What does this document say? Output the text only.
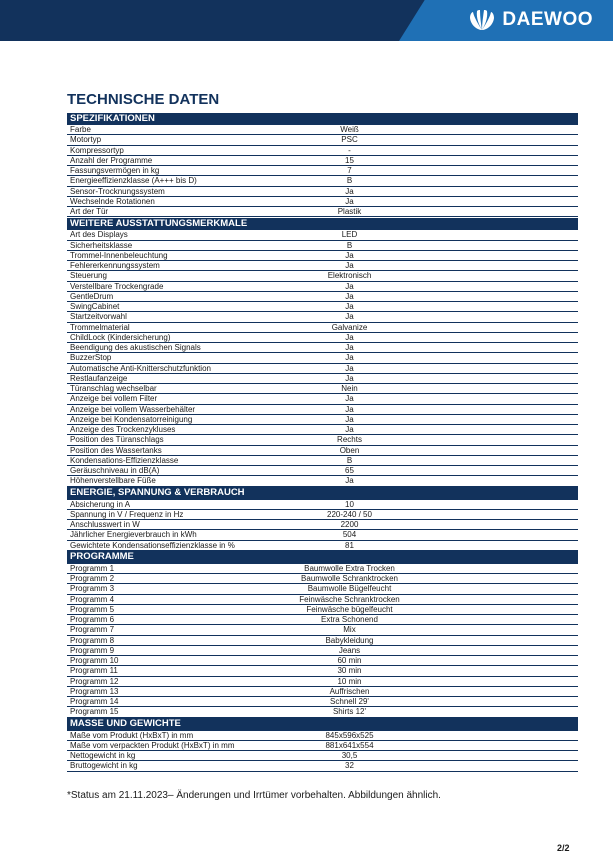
DAEWOO
TECHNISCHE DATEN
SPEZIFIKATIONEN
Farbe	Weiß
Motortyp	PSC
Kompressortyp	-
Anzahl der Programme	15
Fassungsvermögen in kg	7
Energieeffizienzklasse (A+++ bis D)	B
Sensor-Trocknungssystem	Ja
Wechselnde Rotationen	Ja
Art der Tür	Plastik
WEITERE AUSSTATTUNGSMERKMALE
Art des Displays	LED
Sicherheitsklasse	B
Trommel-Innenbeleuchtung	Ja
Fehlererkennungssystem	Ja
Steuerung	Elektronisch
Verstellbare Trockengrade	Ja
GentleDrum	Ja
SwingCabinet	Ja
Startzeitvorwahl	Ja
Trommelmaterial	Galvanize
ChildLock (Kindersicherung)	Ja
Beendigung des akustischen Signals	Ja
BuzzerStop	Ja
Automatische Anti-Knitterschutzfunktion	Ja
Restlaufanzeige	Ja
Türanschlag wechselbar	Nein
Anzeige bei vollem Filter	Ja
Anzeige bei vollem Wasserbehälter	Ja
Anzeige bei Kondensatorreinigung	Ja
Anzeige des Trockenzykluses	Ja
Position des Türanschlags	Rechts
Position des Wassertanks	Oben
Kondensations-Effizienzklasse	B
Geräuschniveau in dB(A)	65
Höhenverstellbare Füße	Ja
ENERGIE, SPANNUNG & VERBRAUCH
Absicherung in A	10
Spannung in V / Frequenz in Hz	220-240 / 50
Anschlusswert in W	2200
Jährlicher Energieverbrauch in kWh	504
Gewichtete Kondensationseffizienzklasse in %	81
PROGRAMME
Programm 1	Baumwolle Extra Trocken
Programm 2	Baumwolle Schranktrocken
Programm 3	Baumwolle Bügelfeucht
Programm 4	Feinwäsche Schranktrocken
Programm 5	Feinwäsche bügelfeucht
Programm 6	Extra Schonend
Programm 7	Mix
Programm 8	Babykleidung
Programm 9	Jeans
Programm 10	60 min
Programm 11	30 min
Programm 12	10 min
Programm 13	Auffrischen
Programm 14	Schnell 29'
Programm 15	Shirts 12'
MASSE UND GEWICHTE
Maße vom Produkt (HxBxT) in mm	845x596x525
Maße vom verpackten Produkt (HxBxT) in mm	881x641x554
Nettogewicht in kg	30,5
Bruttogewicht in kg	32
*Status am 21.11.2023– Änderungen und Irrtümer vorbehalten. Abbildungen ähnlich.
2/2
